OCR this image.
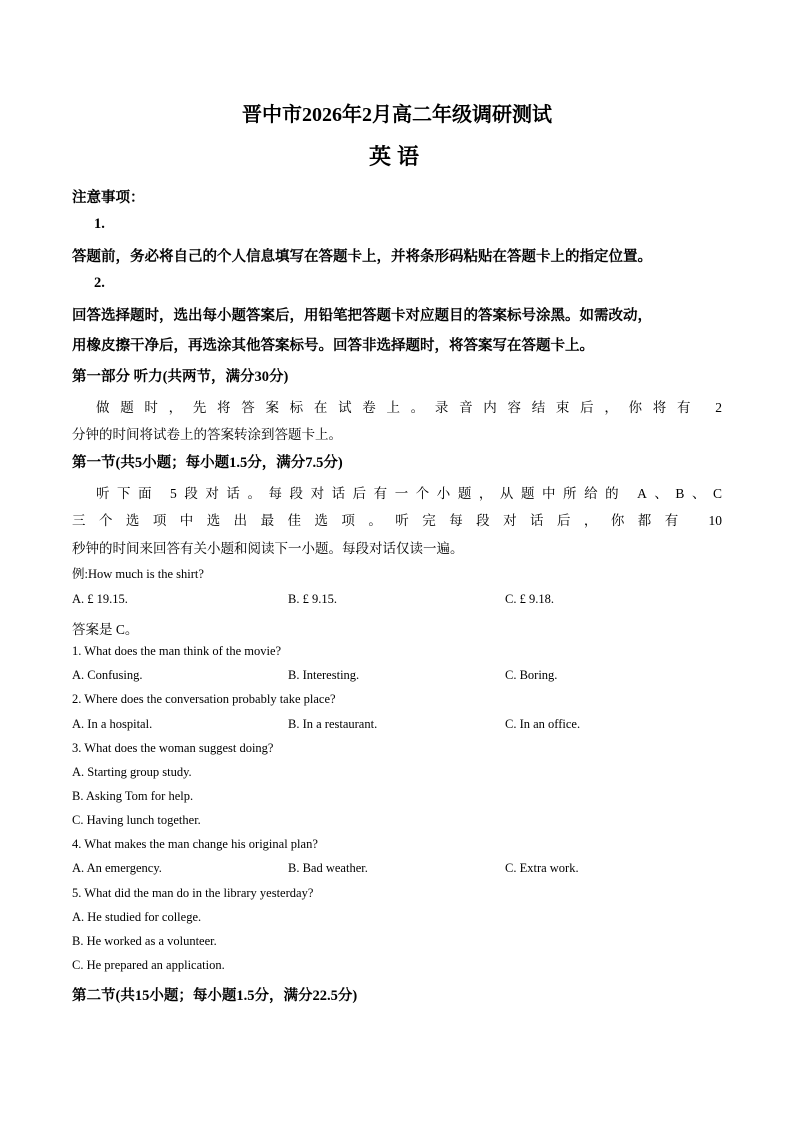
晋中市2026年2月高二年级调研测试
英语

注意事项：

1.

答题前，务必将自己的个人信息填写在答题卡上，并将条形码粘贴在答题卡上的指定位置。

2.

回答选择题时，选出每小题答案后，用铅笔把答题卡对应题目的答案标号涂黑。如需改动，

用橡皮擦干净后，再选涂其他答案标号。回答非选择题时，将答案写在答题卡上。

第一部分 听力(共两节，满分30分)

做题时，先将答案标在试卷上。录音内容结束后，你将有 2

分钟的时间将试卷上的答案转涂到答题卡上。

第一节(共5小题；每小题1.5分，满分7.5分)

听下面 5段对话。每段对话后有一个小题，从题中所给的 A、B、C

三个选项中选出最佳选项。听完每段对话后，你都有 10

秒钟的时间来回答有关小题和阅读下一小题。每段对话仅读一遍。

例:How much is the shirt?

A. £ 19.15.	B. £ 9.15.	C. £ 9.18.

答案是 C。

1. What does the man think of the movie?

A. Confusing.	B. Interesting.	C. Boring.

2. Where does the conversation probably take place?

A. In a hospital.	B. In a restaurant.	C. In an office.

3. What does the woman suggest doing?

A. Starting group study.

B. Asking Tom for help.

C. Having lunch together.

4. What makes the man change his original plan?

A. An emergency.	B. Bad weather.	C. Extra work.

5. What did the man do in the library yesterday?

A. He studied for college.

B. He worked as a volunteer.

C. He prepared an application.

第二节(共15小题；每小题1.5分，满分22.5分)
